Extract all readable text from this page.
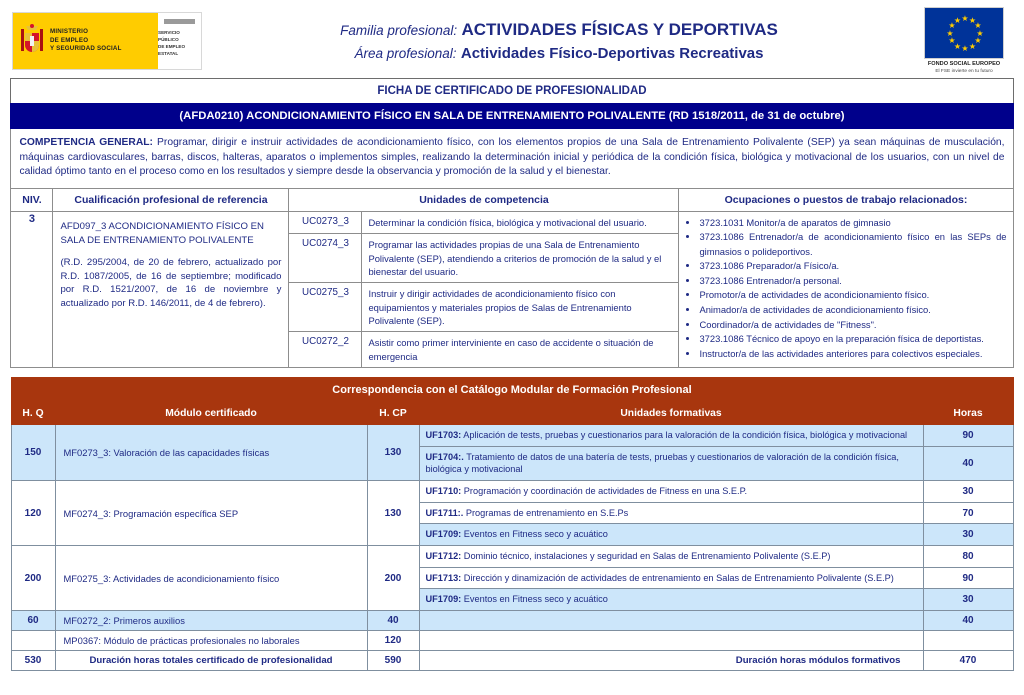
MINISTERIO
DE EMPLEO
Y SEGURIDAD SOCIAL
SERVICIO PÚBLICO
DE EMPLEO ESTATAL
Familia profesional: ACTIVIDADES FÍSICAS Y DEPORTIVAS
Área profesional: Actividades Físico-Deportivas Recreativas
★ ★
★
★
★
★
★
★
★
★
★
★
FONDO SOCIAL EUROPEO
El FSE invierte en tu futuro
FICHA DE CERTIFICADO DE PROFESIONALIDAD				
(AFDA0210) ACONDICIONAMIENTO FÍSICO EN SALA DE ENTRENAMIENTO POLIVALENTE (RD 1518/2011, de 31 de octubre)				
COMPETENCIA GENERAL: Programar, dirigir e instruir actividades de acondicionamiento físico, con los elementos propios de una Sala de Entrenamiento Polivalente (SEP) ya sean máquinas de musculación, máquinas cardiovasculares, barras, discos, halteras, aparatos o implementos simples, realizando la determinación inicial y periódica de la condición física, biológica y motivacional de los usuarios, con un nivel de calidad óptimo tanto en el proceso como en los resultados y siempre desde la observancia y promoción de la salud y el bienestar.				
NIV.	Cualificación profesional de referencia	Unidades de competencia		Ocupaciones o puestos de trabajo relacionados:
3	
AFD097_3 ACONDICIONAMIENTO FÍSICO EN SALA DE ENTRENAMIENTO POLIVALENTE
(R.D. 295/2004, de 20 de febrero, actualizado por R.D. 1087/2005, de 16 de septiembre; modificado por R.D. 1521/2007, de 16 de noviembre y actualizado por R.D. 146/2011, de 4 de febrero).
	UC0273_3	Determinar la condición física, biológica y motivacional del usuario.	
•3723.1031 Monitor/a de aparatos de gimnasio
• 3723.1086 Entrenador/a de acondicionamiento físico en las SEPs de gimnasios o polideportivos.
• 3723.1086 Preparador/a Físico/a.
• 3723.1086 Entrenador/a personal.
• Promotor/a de actividades de acondicionamiento físico.
• Animador/a de actividades de acondicionamiento físico.
• Coordinador/a de actividades de "Fitness".
• 3723.1086 Técnico de apoyo en la preparación física de deportistas.
• Instructor/a de las actividades anteriores para colectivos especiales.

		UC0274_3	Programar las actividades propias de una Sala de Entrenamiento Polivalente (SEP), atendiendo a criterios de promoción de la salud y el bienestar del usuario.	
		UC0275_3	Instruir y dirigir actividades de acondicionamiento físico con equipamientos y materiales propios de Salas de Entrenamiento Polivalente (SEP).	
		UC0272_2	Asistir como primer interviniente en caso de accidente o situación de emergencia	
Correspondencia con el Catálogo Modular de Formación Profesional				
H. Q	Módulo certificado	H. CP	Unidades formativas	Horas
150	MF0273_3: Valoración de las capacidades físicas	130	UF1703: Aplicación de tests, pruebas y cuestionarios para la valoración de la condición física, biológica y motivacional	90
			UF1704:. Tratamiento de datos de una batería de tests, pruebas y cuestionarios de valoración de la condición física, biológica y motivacional	40
120	MF0274_3: Programación específica SEP	130	UF1710: Programación y coordinación de actividades de Fitness en una S.E.P.	30
			UF1711:. Programas de entrenamiento en S.E.Ps	70
			UF1709: Eventos en Fitness seco y acuático	30
200	MF0275_3: Actividades de acondicionamiento físico	200	UF1712: Dominio técnico, instalaciones y seguridad en Salas de Entrenamiento Polivalente (S.E.P)	80
			UF1713: Dirección y dinamización de actividades de entrenamiento en Salas de Entrenamiento Polivalente (S.E.P)	90
			UF1709: Eventos en Fitness seco y acuático	30
60	MF0272_2: Primeros auxilios	40		40
	MP0367: Módulo de prácticas profesionales no laborales	120		
530	Duración horas totales certificado de profesionalidad	590	Duración horas módulos formativos	470
